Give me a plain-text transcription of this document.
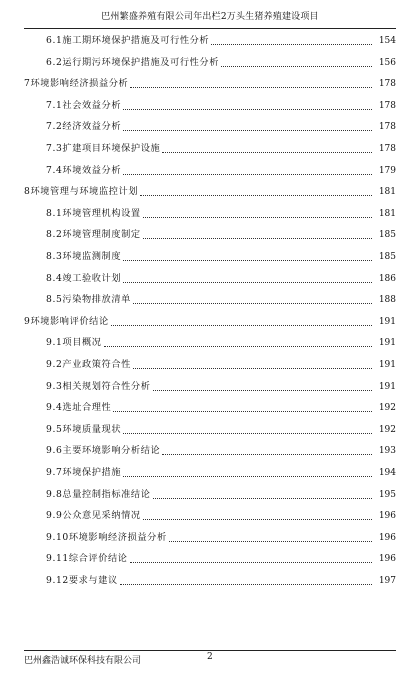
巴州繁盛养殖有限公司年出栏2万头生猪养殖建设项目
6.1施工期环境保护措施及可行性分析	154
6.2运行期污环境保护措施及可行性分析	156
7环境影响经济损益分析	178
7.1社会效益分析	178
7.2经济效益分析	178
7.3扩建项目环境保护设施	178
7.4环境效益分析	179
8环境管理与环境监控计划	181
8.1环境管理机构设置	181
8.2环境管理制度制定	185
8.3环境监测制度	185
8.4竣工验收计划	186
8.5污染物排放清单	188
9环境影响评价结论	191
9.1项目概况	191
9.2产业政策符合性	191
9.3相关规划符合性分析	191
9.4选址合理性	192
9.5环境质量现状	192
9.6主要环境影响分析结论	193
9.7环境保护措施	194
9.8总量控制指标准结论	195
9.9公众意见采纳情况	196
9.10环境影响经济损益分析	196
9.11综合评价结论	196
9.12要求与建议	197
巴州鑫浩诚环保科技有限公司	2
